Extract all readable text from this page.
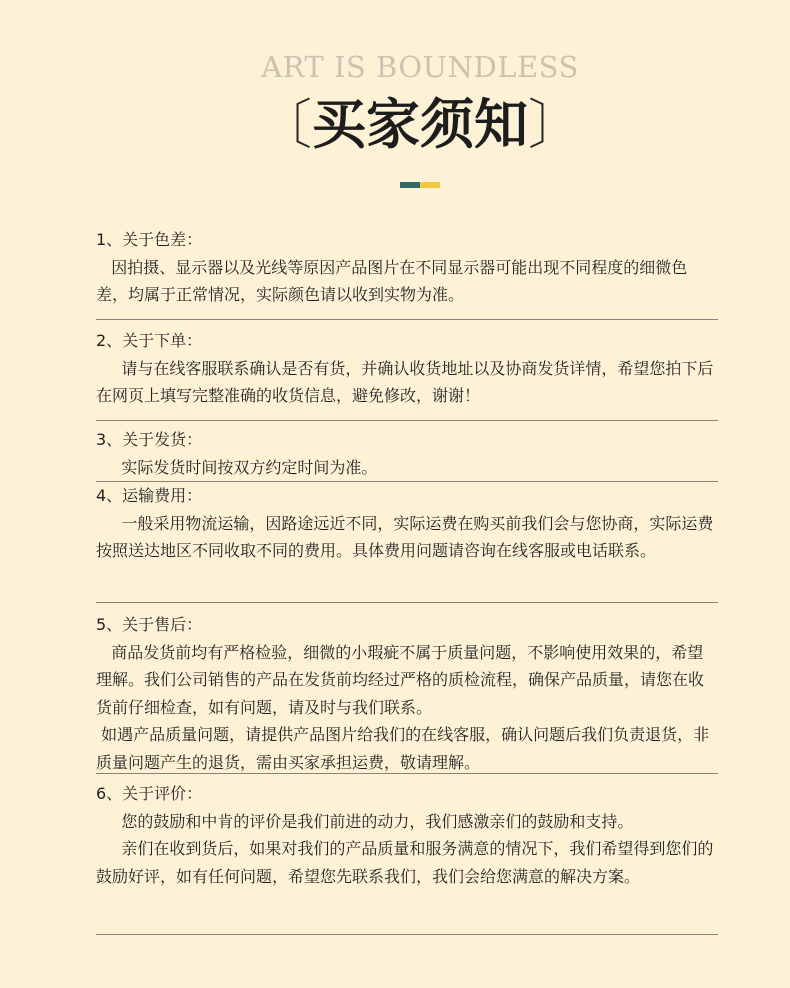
ART IS BOUNDLESS
〔买家须知〕
1、关于色差：

因拍摄、显示器以及光线等原因产品图片在不同显示器可能出现不同程度的细微色差，均属于正常情况，实际颜色请以收到实物为准。

2、关于下单：

请与在线客服联系确认是否有货，并确认收货地址以及协商发货详情，希望您拍下后在网页上填写完整准确的收货信息，避免修改，谢谢！

3、关于发货：

实际发货时间按双方约定时间为准。

4、运输费用：

一般采用物流运输，因路途远近不同，实际运费在购买前我们会与您协商，实际运费按照送达地区不同收取不同的费用。具体费用问题请咨询在线客服或电话联系。

5、关于售后：

商品发货前均有严格检验，细微的小瑕疵不属于质量问题，不影响使用效果的，希望理解。我们公司销售的产品在发货前均经过严格的质检流程，确保产品质量，请您在收货前仔细检查，如有问题，请及时与我们联系。

如遇产品质量问题，请提供产品图片给我们的在线客服，确认问题后我们负责退货，非质量问题产生的退货，需由买家承担运费，敬请理解。

6、关于评价：

您的鼓励和中肯的评价是我们前进的动力，我们感激亲们的鼓励和支持。

亲们在收到货后，如果对我们的产品质量和服务满意的情况下，我们希望得到您们的鼓励好评，如有任何问题，希望您先联系我们，我们会给您满意的解决方案。
